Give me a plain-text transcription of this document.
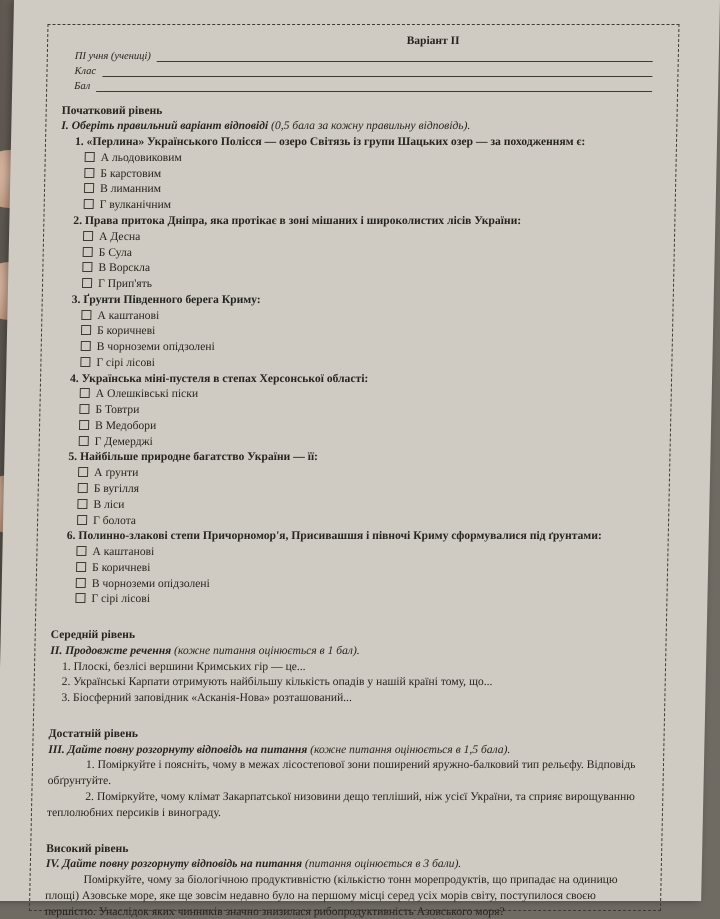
Варіант ІІ
ПІ учня (учениці)
Клас
Бал
Початковий рівень
І. Оберіть правильний варіант відповіді (0,5 бала за кожну правильну відповідь).
1. «Перлина» Українського Полісся — озеро Світязь із групи Шацьких озер — за походженням є:
А льодовиковим
Б карстовим
В лиманним
Г вулканічним
2. Права притока Дніпра, яка протікає в зоні мішаних і широколистих лісів України:
А Десна
Б Сула
В Ворскла
Г Прип'ять
3. Ґрунти Південного берега Криму:
А каштанові
Б коричневі
В чорноземи опідзолені
Г сірі лісові
4. Українська міні-пустеля в степах Херсонської області:
А Олешківські піски
Б Товтри
В Медобори
Г Демерджі
5. Найбільше природне багатство України — її:
А ґрунти
Б вугілля
В ліси
Г болота
6. Полинно-злакові степи Причорномор'я, Присивашшя і півночі Криму сформувалися під ґрунтами:
А каштанові
Б коричневі
В чорноземи опідзолені
Г сірі лісові
Середній рівень
ІІ. Продовжте речення (кожне питання оцінюється в 1 бал).
1. Плоскі, безлісі вершини Кримських гір — це...
2. Українські Карпати отримують найбільшу кількість опадів у нашій країні тому, що...
3. Біосферний заповідник «Асканія-Нова» розташований...
Достатній рівень
ІІІ. Дайте повну розгорнуту відповідь на питання (кожне питання оцінюється в 1,5 бала).
1. Поміркуйте і поясніть, чому в межах лісостепової зони поширений яружно-балковий тип рельєфу. Відповідь обґрунтуйте.
2. Поміркуйте, чому клімат Закарпатської низовини дещо тепліший, ніж усієї України, та сприяє вирощуванню теплолюбних персиків і винограду.
Високий рівень
IV. Дайте повну розгорнуту відповідь на питання (питання оцінюється в 3 бали).
Поміркуйте, чому за біологічною продуктивністю (кількістю тонн морепродуктів, що припадає на одиницю площі) Азовське море, яке ще зовсім недавно було на першому місці серед усіх морів світу, поступилося своєю першістю. Унаслідок яких чинників значно знизилася рибопродуктивність Азовського моря?
